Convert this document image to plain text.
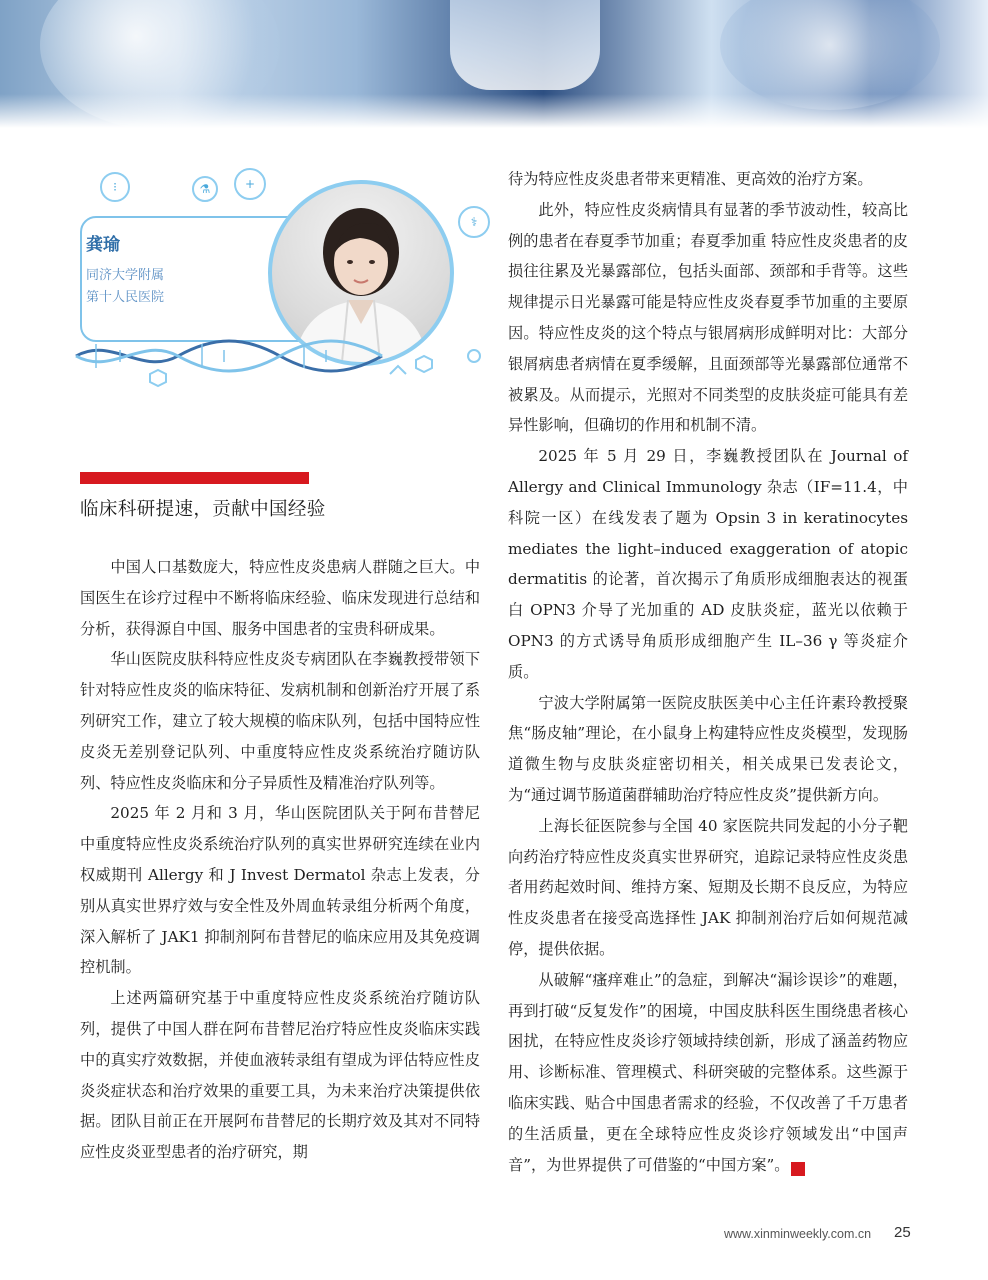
⁝	⚗	+
⚕
龚瑜
同济大学附属
第十人民医院
临床科研提速，贡献中国经验

中国人口基数庞大，特应性皮炎患病人群随之巨大。中国医生在诊疗过程中不断将临床经验、临床发现进行总结和分析，获得源自中国、服务中国患者的宝贵科研成果。

华山医院皮肤科特应性皮炎专病团队在李巍教授带领下针对特应性皮炎的临床特征、发病机制和创新治疗开展了系列研究工作，建立了较大规模的临床队列，包括中国特应性皮炎无差别登记队列、中重度特应性皮炎系统治疗随访队列、特应性皮炎临床和分子异质性及精准治疗队列等。

2025 年 2 月和 3 月，华山医院团队关于阿布昔替尼中重度特应性皮炎系统治疗队列的真实世界研究连续在业内权威期刊 Allergy 和 J Invest Dermatol 杂志上发表，分别从真实世界疗效与安全性及外周血转录组分析两个角度，深入解析了 JAK1 抑制剂阿布昔替尼的临床应用及其免疫调控机制。

上述两篇研究基于中重度特应性皮炎系统治疗随访队列，提供了中国人群在阿布昔替尼治疗特应性皮炎临床实践中的真实疗效数据，并使血液转录组有望成为评估特应性皮炎炎症状态和治疗效果的重要工具，为未来治疗决策提供依据。团队目前正在开展阿布昔替尼的长期疗效及其对不同特应性皮炎亚型患者的治疗研究，期

待为特应性皮炎患者带来更精准、更高效的治疗方案。

此外，特应性皮炎病情具有显著的季节波动性，较高比例的患者在春夏季节加重；春夏季加重 特应性皮炎患者的皮损往往累及光暴露部位，包括头面部、颈部和手背等。这些规律提示日光暴露可能是特应性皮炎春夏季节加重的主要原因。特应性皮炎的这个特点与银屑病形成鲜明对比：大部分银屑病患者病情在夏季缓解，且面颈部等光暴露部位通常不被累及。从而提示，光照对不同类型的皮肤炎症可能具有差异性影响，但确切的作用和机制不清。

2025 年 5 月 29 日，李巍教授团队在 Journal of Allergy and Clinical Immunology 杂志（IF=11.4，中科院一区）在线发表了题为 Opsin 3 in keratinocytes mediates the light–induced exaggeration of atopic dermatitis 的论著，首次揭示了角质形成细胞表达的视蛋白 OPN3 介导了光加重的 AD 皮肤炎症，蓝光以依赖于 OPN3 的方式诱导角质形成细胞产生 IL–36 γ 等炎症介质。

宁波大学附属第一医院皮肤医美中心主任许素玲教授聚焦“肠皮轴”理论，在小鼠身上构建特应性皮炎模型，发现肠道微生物与皮肤炎症密切相关，相关成果已发表论文，为“通过调节肠道菌群辅助治疗特应性皮炎”提供新方向。

上海长征医院参与全国 40 家医院共同发起的小分子靶向药治疗特应性皮炎真实世界研究，追踪记录特应性皮炎患者用药起效时间、维持方案、短期及长期不良反应，为特应性皮炎患者在接受高选择性 JAK 抑制剂治疗后如何规范减停，提供依据。

从破解“瘙痒难止”的急症，到解决“漏诊误诊”的难题，再到打破“反复发作”的困境，中国皮肤科医生围绕患者核心困扰，在特应性皮炎诊疗领域持续创新，形成了涵盖药物应用、诊断标准、管理模式、科研突破的完整体系。这些源于临床实践、贴合中国患者需求的经验，不仅改善了千万患者的生活质量，更在全球特应性皮炎诊疗领域发出“中国声音”，为世界提供了可借鉴的“中国方案”。	民

www.xinminweekly.com.cn 25
